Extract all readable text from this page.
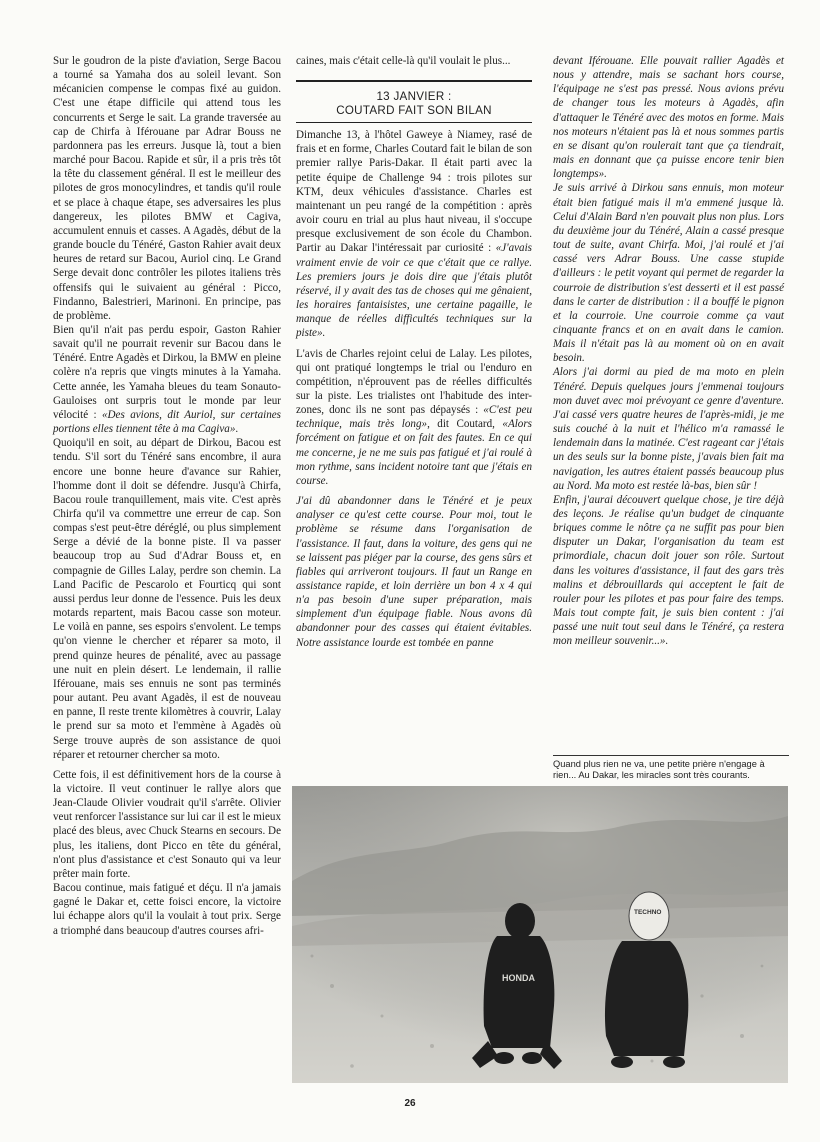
Sur le goudron de la piste d'aviation, Serge Bacou a tourné sa Yamaha dos au soleil levant. Son mécanicien compense le compas fixé au guidon. C'est une étape difficile qui attend tous les concurrents et Serge le sait. La grande traversée au cap de Chirfa à Iférouane par Adrar Bouss ne pardonnera pas les erreurs. Jusque là, tout a bien marché pour Bacou. Rapide et sûr, il a pris très tôt la tête du classement général. Il est le meilleur des pilotes de gros monocylindres, et tandis qu'il roule et se place à chaque étape, ses adversaires les plus dangereux, les pilotes BMW et Cagiva, accumulent ennuis et casses. A Agadès, début de la grande boucle du Ténéré, Gaston Rahier avait deux heures de retard sur Bacou, Auriol cinq. Le Grand Serge devait donc contrôler les pilotes italiens très offensifs qui le suivaient au général : Picco, Findanno, Balestrieri, Marinoni. En principe, pas de problème.

Bien qu'il n'ait pas perdu espoir, Gaston Rahier savait qu'il ne pourrait revenir sur Bacou dans le Ténéré. Entre Agadès et Dirkou, la BMW en pleine colère n'a repris que vingts minutes à la Yamaha. Cette année, les Yamaha bleues du team Sonauto-Gauloises ont surpris tout le monde par leur vélocité : «Des avions, dit Auriol, sur certaines portions elles tiennent tête à ma Cagiva».

Quoiqu'il en soit, au départ de Dirkou, Bacou est tendu. S'il sort du Ténéré sans encombre, il aura encore une bonne heure d'avance sur Rahier, l'homme dont il doit se défendre. Jusqu'à Chirfa, Bacou roule tranquillement, mais vite. C'est après Chirfa qu'il va commettre une erreur de cap. Son compas s'est peut-être déréglé, ou plus simplement Serge a dévié de la bonne piste. Il va passer beaucoup trop au Sud d'Adrar Bouss et, en compagnie de Gilles Lalay, perdre son chemin. La Land Pacific de Pescarolo et Fourticq qui sont aussi perdus leur donne de l'essence. Puis les deux motards repartent, mais Bacou casse son moteur. Le voilà en panne, ses espoirs s'envolent. Le temps qu'on vienne le chercher et réparer sa moto, il prend quinze heures de pénalité, avec au passage une nuit en plein désert. Le lendemain, il rallie Iférouane, mais ses ennuis ne sont pas terminés pour autant. Peu avant Agadès, il est de nouveau en panne, Il reste trente kilomètres à couvrir, Lalay le prend sur sa moto et l'emmène à Agadès où Serge trouve auprès de son assistance de quoi réparer et retourner chercher sa moto.

Cette fois, il est définitivement hors de la course à la victoire. Il veut continuer le rallye alors que Jean-Claude Olivier voudrait qu'il s'arrête. Olivier veut renforcer l'assistance sur lui car il est le mieux placé des bleus, avec Chuck Stearns en secours. De plus, les italiens, dont Picco en tête du général, n'ont plus d'assistance et c'est Sonauto qui va leur prêter main forte.

Bacou continue, mais fatigué et déçu. Il n'a jamais gagné le Dakar et, cette foisci encore, la victoire lui échappe alors qu'il la voulait à tout prix. Serge a triomphé dans beaucoup d'autres courses afri-

caines, mais c'était celle-là qu'il voulait le plus...

13 JANVIER :
COUTARD FAIT SON BILAN

Dimanche 13, à l'hôtel Gaweye à Niamey, rasé de frais et en forme, Charles Coutard fait le bilan de son premier rallye Paris-Dakar. Il était parti avec la petite équipe de Challenge 94 : trois pilotes sur KTM, deux véhicules d'assistance. Charles est maintenant un peu rangé de la compétition : après avoir couru en trial au plus haut niveau, il s'occupe presque exclusivement de son école du Chambon. Partir au Dakar l'intéressait par curiosité : «J'avais vraiment envie de voir ce que c'était que ce rallye. Les premiers jours je dois dire que j'étais plutôt réservé, il y avait des tas de choses qui me gênaient, les horaires fantaisistes, une certaine pagaille, le manque de réelles difficultés techniques sur la piste».

L'avis de Charles rejoint celui de Lalay. Les pilotes, qui ont pratiqué longtemps le trial ou l'enduro en compétition, n'éprouvent pas de réelles difficultés sur la piste. Les trialistes ont l'habitude des inter-zones, donc ils ne sont pas dépaysés : «C'est peu technique, mais très long», dit Coutard, «Alors forcément on fatigue et on fait des fautes. En ce qui me concerne, je ne me suis pas fatigué et j'ai roulé à mon rythme, sans incident notoire tant que j'étais en course.

J'ai dû abandonner dans le Ténéré et je peux analyser ce qu'est cette course. Pour moi, tout le problème se résume dans l'organisation de l'assistance. Il faut, dans la voiture, des gens qui ne se laissent pas piéger par la course, des gens sûrs et fiables qui arriveront toujours. Il faut un Range en assistance rapide, et loin derrière un bon 4 x 4 qui n'a pas besoin d'une super préparation, mais simplement d'un équipage fiable. Nous avons dû abandonner pour des casses qui étaient évitables. Notre assistance lourde est tombée en panne

devant Iférouane. Elle pouvait rallier Agadès et nous y attendre, mais se sachant hors course, l'équipage ne s'est pas pressé. Nous avions prévu de changer tous les moteurs à Agadès, afin d'attaquer le Ténéré avec des motos en forme. Mais nos moteurs n'étaient pas là et nous sommes partis en se disant qu'on roulerait tant que ça tiendrait, mais en donnant que ça puisse encore tenir bien longtemps».

Je suis arrivé à Dirkou sans ennuis, mon moteur était bien fatigué mais il m'a emmené jusque là. Celui d'Alain Bard n'en pouvait plus non plus. Lors du deuxième jour du Ténéré, Alain a cassé presque tout de suite, avant Chirfa. Moi, j'ai roulé et j'ai cassé vers Adrar Bouss. Une casse stupide d'ailleurs : le petit voyant qui permet de regarder la courroie de distribution s'est desserti et il est passé dans le carter de distribution : il a bouffé le pignon et la courroie. Une courroie comme ça vaut cinquante francs et on en avait dans le camion. Mais il n'était pas là au moment où on en avait besoin.

Alors j'ai dormi au pied de ma moto en plein Ténéré. Depuis quelques jours j'emmenai toujours mon duvet avec moi prévoyant ce genre d'aventure. J'ai cassé vers quatre heures de l'après-midi, je me suis couché à la nuit et l'hélico m'a ramassé le lendemain dans la matinée. C'est rageant car j'étais un des seuls sur la bonne piste, j'avais bien fait ma navigation, les autres étaient passés beaucoup plus au Nord. Ma moto est restée là-bas, bien sûr !

Enfin, j'aurai découvert quelque chose, je tire déjà des leçons. Je réalise qu'un budget de cinquante briques comme le nôtre ça ne suffit pas pour bien disputer un Dakar, l'organisation du team est primordiale, chacun doit jouer son rôle. Surtout dans les voitures d'assistance, il faut des gars très malins et débrouillards qui acceptent le fait de rouler pour les pilotes et pas pour faire des temps. Mais tout compte fait, je suis bien content : j'ai passé une nuit tout seul dans le Ténéré, ça restera mon meilleur souvenir...».

Quand plus rien ne va, une petite prière n'engage à rien... Au Dakar, les miracles sont très courants.
HONDA
TECHNO
26
